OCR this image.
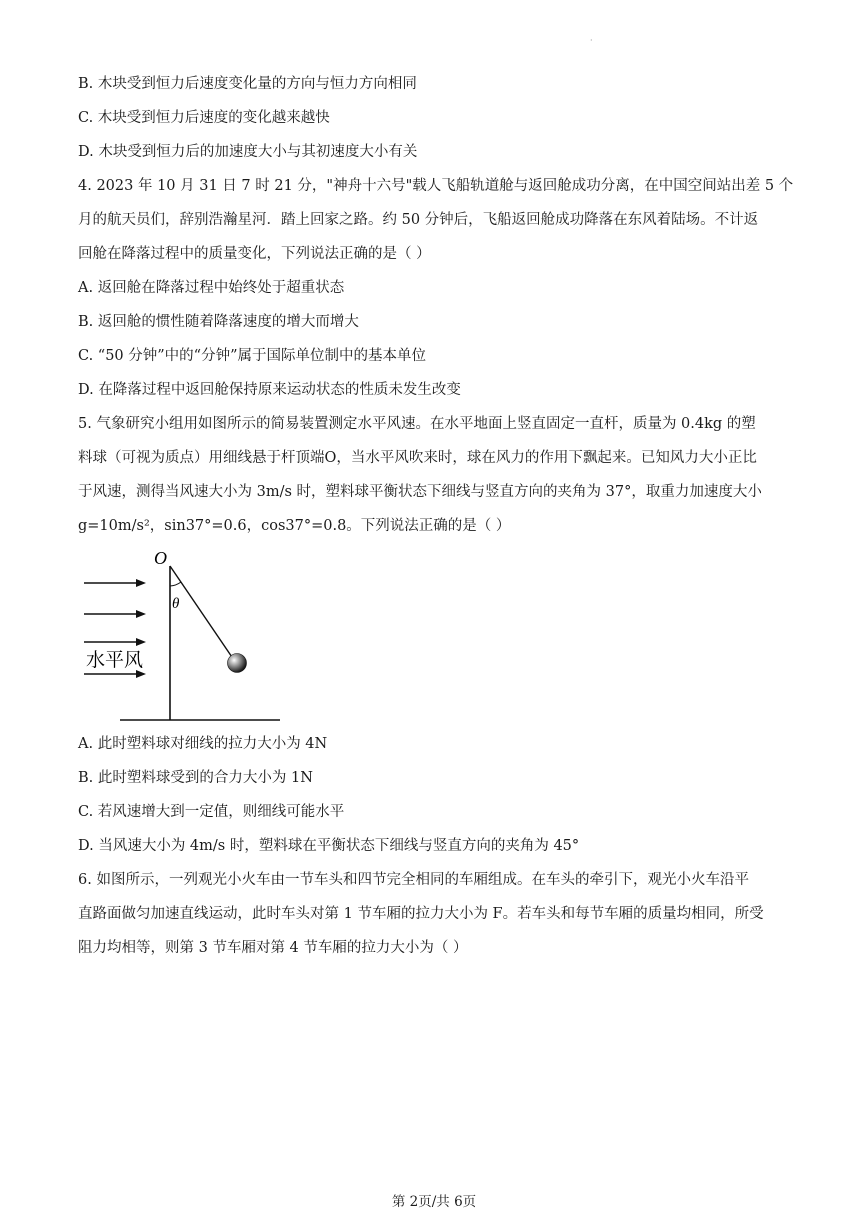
·
B. 木块受到恒力后速度变化量的方向与恒力方向相同
C. 木块受到恒力后速度的变化越来越快
D. 木块受到恒力后的加速度大小与其初速度大小有关
4. 2023 年 10 月 31 日 7 时 21 分，"神舟十六号"载人飞船轨道舱与返回舱成功分离，在中国空间站出差 5 个
月的航天员们，辞别浩瀚星河．踏上回家之路。约 50 分钟后，飞船返回舱成功降落在东风着陆场。不计返
回舱在降落过程中的质量变化，下列说法正确的是（ ）
A. 返回舱在降落过程中始终处于超重状态
B. 返回舱的惯性随着降落速度的增大而增大
C. “50 分钟”中的“分钟”属于国际单位制中的基本单位
D. 在降落过程中返回舱保持原来运动状态的性质未发生改变
5. 气象研究小组用如图所示的简易装置测定水平风速。在水平地面上竖直固定一直杆，质量为 0.4kg 的塑
料球（可视为质点）用细线悬于杆顶端O，当水平风吹来时，球在风力的作用下飘起来。已知风力大小正比
于风速，测得当风速大小为 3m/s 时，塑料球平衡状态下细线与竖直方向的夹角为 37°，取重力加速度大小
g=10m/s²，sin37°=0.6，cos37°=0.8。下列说法正确的是（ ）
O
θ
水平风
A. 此时塑料球对细线的拉力大小为 4N
B. 此时塑料球受到的合力大小为 1N
C. 若风速增大到一定值，则细线可能水平
D. 当风速大小为 4m/s 时，塑料球在平衡状态下细线与竖直方向的夹角为 45°
6. 如图所示，一列观光小火车由一节车头和四节完全相同的车厢组成。在车头的牵引下，观光小火车沿平
直路面做匀加速直线运动，此时车头对第 1 节车厢的拉力大小为 F。若车头和每节车厢的质量均相同，所受
阻力均相等，则第 3 节车厢对第 4 节车厢的拉力大小为（ ）
第 2页/共 6页
